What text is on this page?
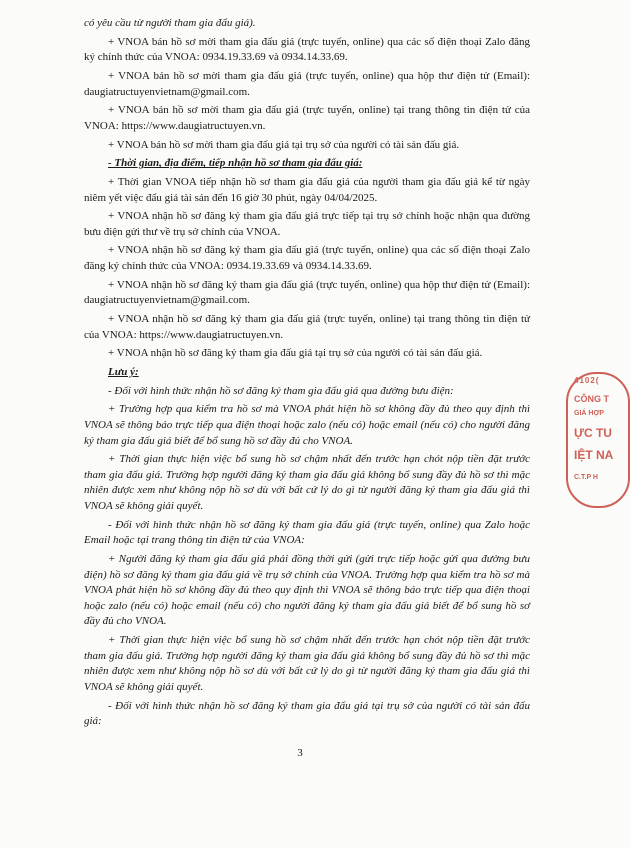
có yêu cầu từ người tham gia đấu giá).

+ VNOA bán hồ sơ mời tham gia đấu giá (trực tuyến, online) qua các số điện thoại Zalo đăng ký chính thức của VNOA: 0934.19.33.69 và 0934.14.33.69.

+ VNOA bán hồ sơ mời tham gia đấu giá (trực tuyến, online) qua hộp thư điện tử (Email): daugiatructuyenvietnam@gmail.com.

+ VNOA bán hồ sơ mời tham gia đấu giá (trực tuyến, online) tại trang thông tin điện tử của VNOA: https://www.daugiatructuyen.vn.

+ VNOA bán hồ sơ mời tham gia đấu giá tại trụ sở của người có tài sản đấu giá.

- Thời gian, địa điểm, tiếp nhận hồ sơ tham gia đấu giá:

+ Thời gian VNOA tiếp nhận hồ sơ tham gia đấu giá của người tham gia đấu giá kể từ ngày niêm yết việc đấu giá tài sản đến 16 giờ 30 phút, ngày 04/04/2025.

+ VNOA nhận hồ sơ đăng ký tham gia đấu giá trực tiếp tại trụ sở chính hoặc nhận qua đường bưu điện gửi thư về trụ sở chính của VNOA.

+ VNOA nhận hồ sơ đăng ký tham gia đấu giá (trực tuyến, online) qua các số điện thoại Zalo đăng ký chính thức của VNOA: 0934.19.33.69 và 0934.14.33.69.

+ VNOA nhận hồ sơ đăng ký tham gia đấu giá (trực tuyến, online) qua hộp thư điện tử (Email): daugiatructuyenvietnam@gmail.com.

+ VNOA nhận hồ sơ đăng ký tham gia đấu giá (trực tuyến, online) tại trang thông tin điện tử của VNOA: https://www.daugiatructuyen.vn.

+ VNOA nhận hồ sơ đăng ký tham gia đấu giá tại trụ sở của người có tài sản đấu giá.

Lưu ý:

- Đối với hình thức nhận hồ sơ đăng ký tham gia đấu giá qua đường bưu điện:

+ Trường hợp qua kiểm tra hồ sơ mà VNOA phát hiện hồ sơ không đầy đủ theo quy định thì VNOA sẽ thông báo trực tiếp qua điện thoại hoặc zalo (nếu có) hoặc email (nếu có) cho người đăng ký tham gia đấu giá biết để bổ sung hồ sơ đầy đủ cho VNOA.

+ Thời gian thực hiện việc bổ sung hồ sơ chậm nhất đến trước hạn chót nộp tiền đặt trước tham gia đấu giá. Trường hợp người đăng ký tham gia đấu giá không bổ sung đầy đủ hồ sơ thì mặc nhiên được xem như không nộp hồ sơ dù với bất cứ lý do gì từ người đăng ký tham gia đấu giá thì VNOA sẽ không giải quyết.

- Đối với hình thức nhận hồ sơ đăng ký tham gia đấu giá (trực tuyến, online) qua Zalo hoặc Email hoặc tại trang thông tin điện tử của VNOA:

+ Người đăng ký tham gia đấu giá phải đồng thời gửi (gửi trực tiếp hoặc gửi qua đường bưu điện) hồ sơ đăng ký tham gia đấu giá về trụ sở chính của VNOA. Trường hợp qua kiểm tra hồ sơ mà VNOA phát hiện hồ sơ không đầy đủ theo quy định thì VNOA sẽ thông báo trực tiếp qua điện thoại hoặc zalo (nếu có) hoặc email (nếu có) cho người đăng ký tham gia đấu giá biết để bổ sung hồ sơ đầy đủ cho VNOA.

+ Thời gian thực hiện việc bổ sung hồ sơ chậm nhất đến trước hạn chót nộp tiền đặt trước tham gia đấu giá. Trường hợp người đăng ký tham gia đấu giá không bổ sung đầy đủ hồ sơ thì mặc nhiên được xem như không nộp hồ sơ dù với bất cứ lý do gì từ người đăng ký tham gia đấu giá thì VNOA sẽ không giải quyết.

- Đối với hình thức nhận hồ sơ đăng ký tham gia đấu giá tại trụ sở của người có tài sản đấu giá:

3
4102(
CÔNG T
GIÁ HỢP
ỰC TU
IỆT NA
C.T.P H
